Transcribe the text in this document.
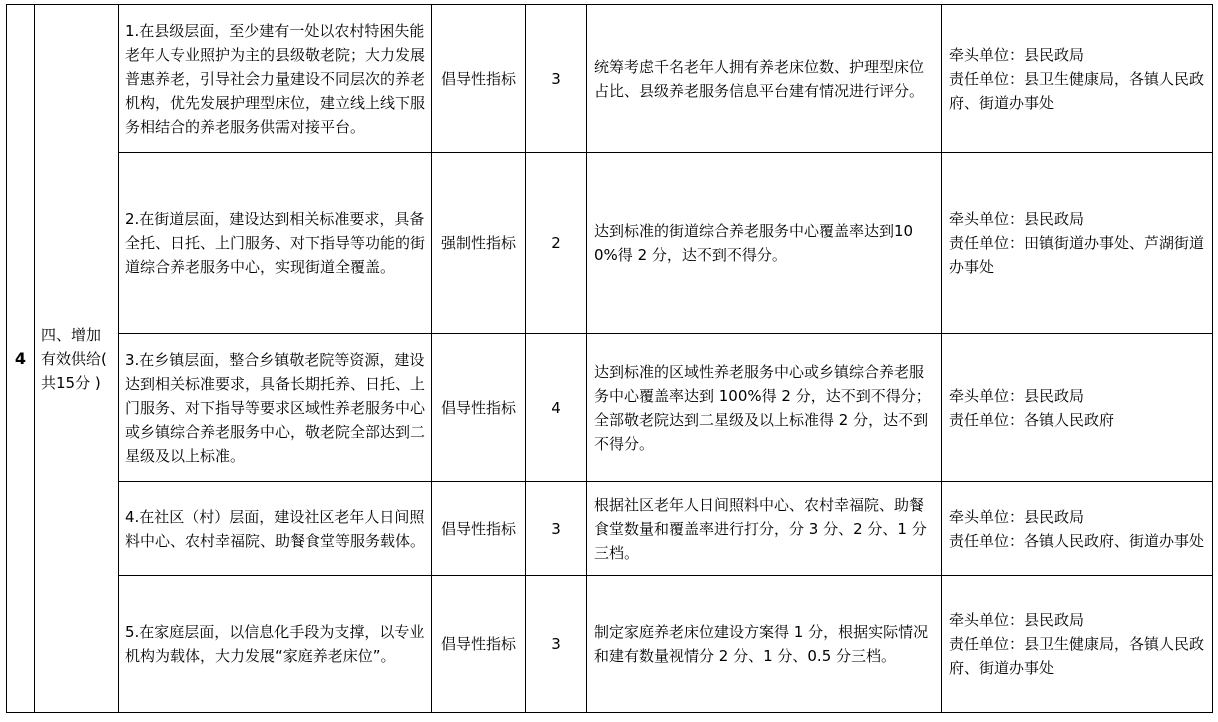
4	四、增加有效供给( 共15分 )	1.在县级层面，至少建有一处以农村特困失能老年人专业照护为主的县级敬老院；大力发展普惠养老，引导社会力量建设不同层次的养老机构，优先发展护理型床位，建立线上线下服务相结合的养老服务供需对接平台。	倡导性指标	3	统筹考虑千名老年人拥有养老床位数、护理型床位占比、县级养老服务信息平台建有情况进行评分。	牵头单位：县民政局
责任单位：县卫生健康局，各镇人民政府、街道办事处

		2.在街道层面，建设达到相关标准要求，具备全托、日托、上门服务、对下指导等功能的街道综合养老服务中心，实现街道全覆盖。	强制性指标	2	达到标准的街道综合养老服务中心覆盖率达到100%得 2 分，达不到不得分。	牵头单位：县民政局
责任单位：田镇街道办事处、芦湖街道办事处

		3.在乡镇层面，整合乡镇敬老院等资源，建设达到相关标准要求，具备长期托养、日托、上门服务、对下指导等要求区域性养老服务中心或乡镇综合养老服务中心，敬老院全部达到二星级及以上标准。	倡导性指标	4	达到标准的区域性养老服务中心或乡镇综合养老服务中心覆盖率达到 100%得 2 分，达不到不得分；全部敬老院达到二星级及以上标准得 2 分，达不到不得分。	牵头单位：县民政局
责任单位：各镇人民政府

		4.在社区（村）层面，建设社区老年人日间照料中心、农村幸福院、助餐食堂等服务载体。	倡导性指标	3	根据社区老年人日间照料中心、农村幸福院、助餐食堂数量和覆盖率进行打分，分 3 分、2 分、1 分三档。	牵头单位：县民政局
责任单位：各镇人民政府、街道办事处

		5.在家庭层面，以信息化手段为支撑，以专业机构为载体，大力发展“家庭养老床位”。	倡导性指标	3	制定家庭养老床位建设方案得 1 分，根据实际情况和建有数量视情分 2 分、1 分、0.5 分三档。	牵头单位：县民政局
责任单位：县卫生健康局，各镇人民政府、街道办事处
